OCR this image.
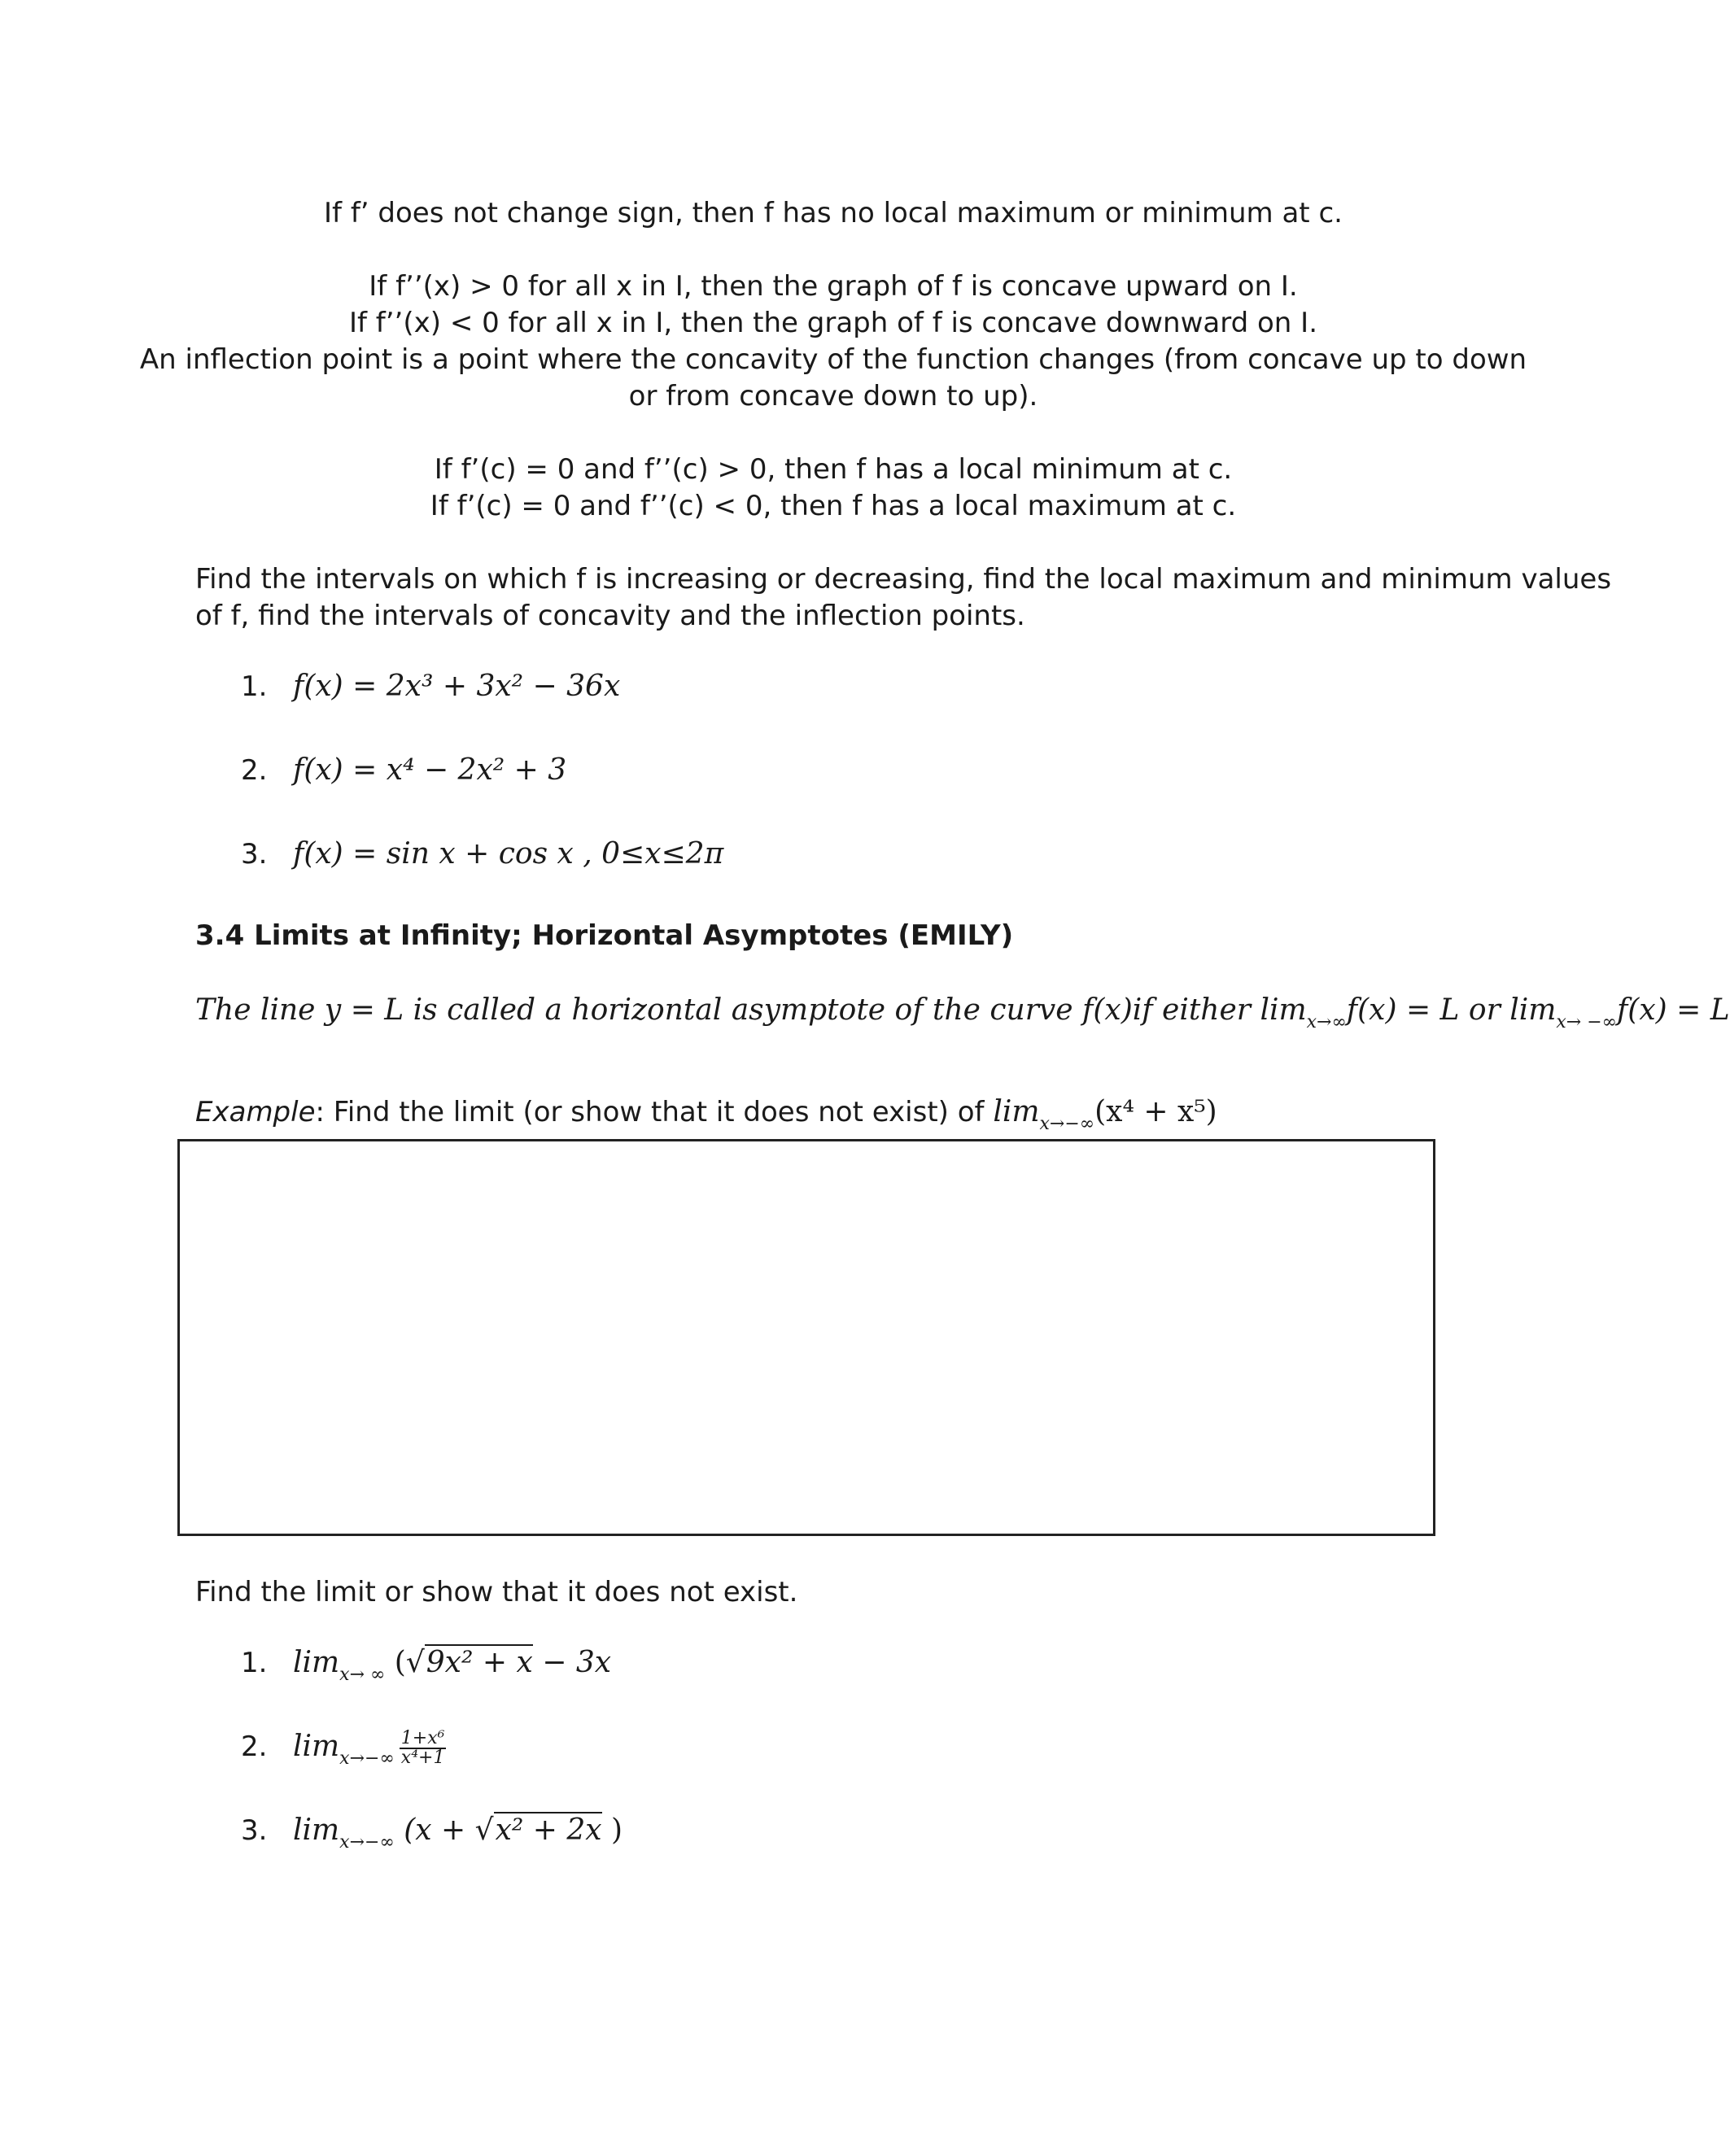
If f’ does not change sign, then f has no local maximum or minimum at c.

If f’’(x) > 0 for all x in I, then the graph of f is concave upward on I.

If f’’(x) < 0 for all x in I, then the graph of f is concave downward on I.

An inflection point is a point where the concavity of the function changes (from concave up to down

or from concave down to up).

If f’(c) = 0 and f’’(c) > 0, then f has a local minimum at c.

If f’(c) = 0 and f’’(c) < 0, then f has a local maximum at c.

Find the intervals on which f is increasing or decreasing, find the local maximum and minimum values

of f, find the intervals of concavity and the inflection points.

1. f(x) = 2x³ + 3x² − 36x
2. f(x) = x⁴ − 2x² + 3
3. f(x) = sin x + cos x , 0≤x≤2π

3.4 Limits at Infinity; Horizontal Asymptotes (EMILY)

The line y = L is called a horizontal asymptote of the curve f(x)if either $\lim_{x\to\infty}f(x) = L$ or $\lim_{x\to -\infty}f(x) = L$

Example: Find the limit (or show that it does not exist) of $\lim_{x\to-\infty}(x^4 + x^5)$

Find the limit or show that it does not exist.

1. $\lim_{x\to \infty} (√9x^2 + x - 3x$
2. $\lim_{x\to-\infty} \frac{\text{1+x⁶}}{\text{x⁴+1}}$
3. $\lim_{x\to-\infty} (x + √x^2 + 2x$ )
